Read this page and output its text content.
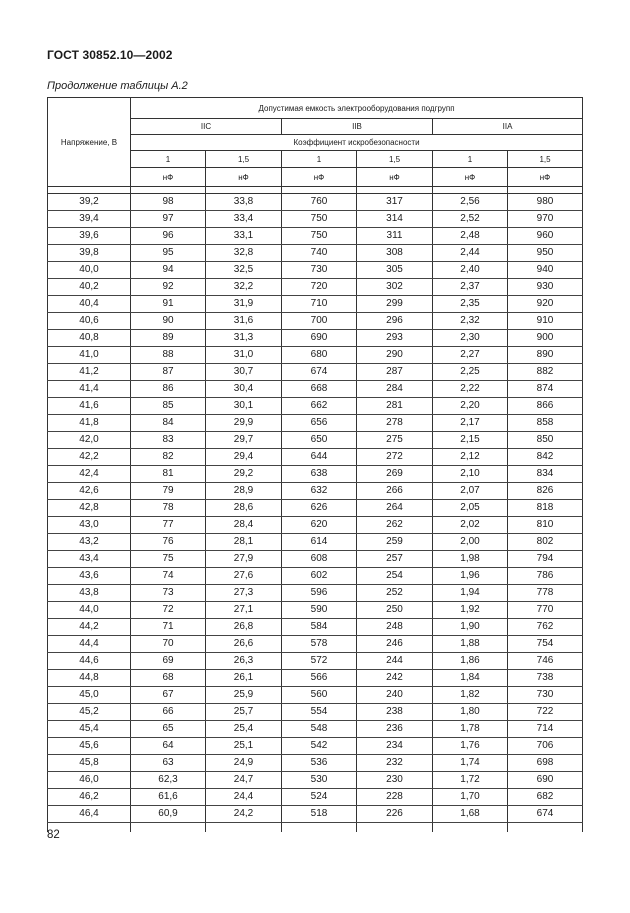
ГОСТ 30852.10—2002
Продолжение таблицы А.2
Напряжение, В	Допустимая емкость электрооборудования подгрупп					
	IIC		IIB		IIA	
	Коэффициент искробезопасности					
	1	1,5	1	1,5	1	1,5
	нФ	нФ	нФ	нФ	нФ	нФ

39,2	98	33,8	760	317	2,56	980
39,4	97	33,4	750	314	2,52	970
39,6	96	33,1	750	311	2,48	960
39,8	95	32,8	740	308	2,44	950
40,0	94	32,5	730	305	2,40	940
40,2	92	32,2	720	302	2,37	930
40,4	91	31,9	710	299	2,35	920
40,6	90	31,6	700	296	2,32	910
40,8	89	31,3	690	293	2,30	900
41,0	88	31,0	680	290	2,27	890
41,2	87	30,7	674	287	2,25	882
41,4	86	30,4	668	284	2,22	874
41,6	85	30,1	662	281	2,20	866
41,8	84	29,9	656	278	2,17	858
42,0	83	29,7	650	275	2,15	850
42,2	82	29,4	644	272	2,12	842
42,4	81	29,2	638	269	2,10	834
42,6	79	28,9	632	266	2,07	826
42,8	78	28,6	626	264	2,05	818
43,0	77	28,4	620	262	2,02	810
43,2	76	28,1	614	259	2,00	802
43,4	75	27,9	608	257	1,98	794
43,6	74	27,6	602	254	1,96	786
43,8	73	27,3	596	252	1,94	778
44,0	72	27,1	590	250	1,92	770
44,2	71	26,8	584	248	1,90	762
44,4	70	26,6	578	246	1,88	754
44,6	69	26,3	572	244	1,86	746
44,8	68	26,1	566	242	1,84	738
45,0	67	25,9	560	240	1,82	730
45,2	66	25,7	554	238	1,80	722
45,4	65	25,4	548	236	1,78	714
45,6	64	25,1	542	234	1,76	706
45,8	63	24,9	536	232	1,74	698
46,0	62,3	24,7	530	230	1,72	690
46,2	61,6	24,4	524	228	1,70	682
46,4	60,9	24,2	518	226	1,68	674

82
